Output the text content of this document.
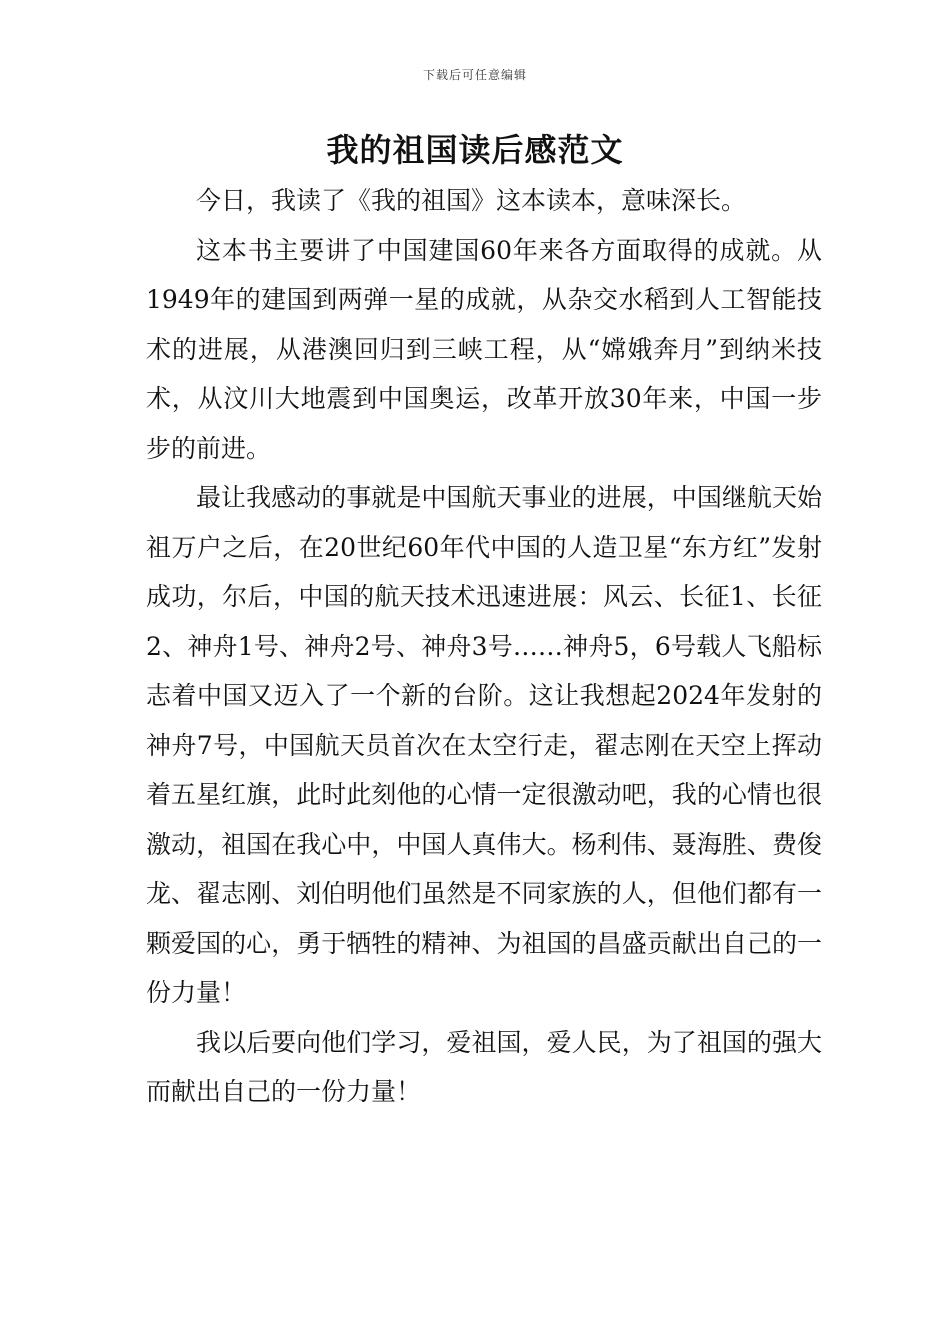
下载后可任意编辑
我的祖国读后感范文

今日，我读了《我的祖国》这本读本，意味深长。

这本书主要讲了中国建国60年来各方面取得的成就。从1949年的建国到两弹一星的成就，从杂交水稻到人工智能技术的进展，从港澳回归到三峡工程，从“嫦娥奔月”到纳米技术，从汶川大地震到中国奥运，改革开放30年来，中国一步步的前进。

最让我感动的事就是中国航天事业的进展，中国继航天始祖万户之后，在20世纪60年代中国的人造卫星“东方红”发射成功，尔后，中国的航天技术迅速进展：风云、长征1、长征2、神舟1号、神舟2号、神舟3号……神舟5，6号载人飞船标志着中国又迈入了一个新的台阶。这让我想起2024年发射的神舟7号，中国航天员首次在太空行走，翟志刚在天空上挥动着五星红旗，此时此刻他的心情一定很激动吧，我的心情也很激动，祖国在我心中，中国人真伟大。杨利伟、聂海胜、费俊龙、翟志刚、刘伯明他们虽然是不同家族的人，但他们都有一颗爱国的心，勇于牺牲的精神、为祖国的昌盛贡献出自己的一份力量！

我以后要向他们学习，爱祖国，爱人民，为了祖国的强大而献出自己的一份力量！
